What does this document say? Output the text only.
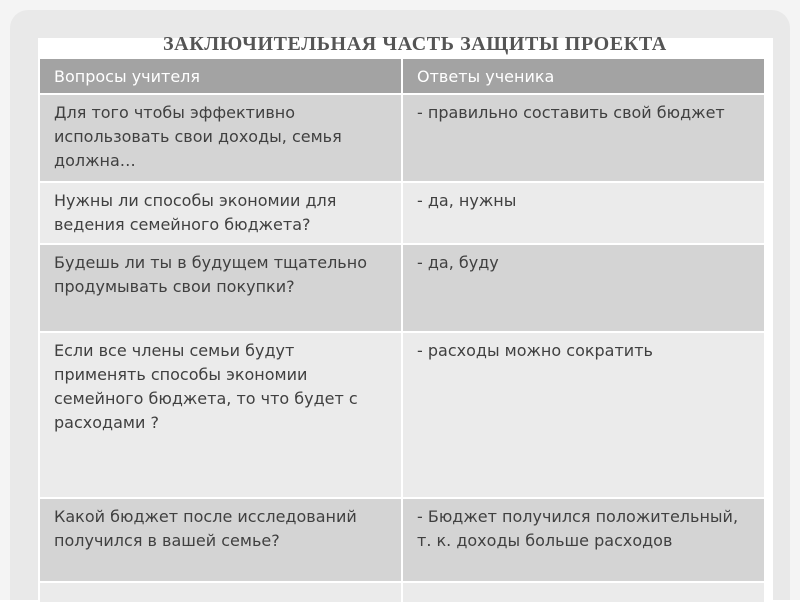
ЗАКЛЮЧИТЕЛЬНАЯ ЧАСТЬ ЗАЩИТЫ ПРОЕКТА
Вопросы учителя	Ответы ученика
Для того чтобы эффективно использовать свои доходы, семья должна…	- правильно составить свой бюджет
Нужны ли способы экономии для ведения семейного бюджета?	- да, нужны
Будешь ли ты в будущем тщательно продумывать свои покупки?	- да, буду
Если все члены семьи будут применять способы экономии семейного бюджета, то что будет с расходами ?	- расходы можно сократить
Какой бюджет после исследований получился в вашей семье?	- Бюджет получился положительный, т. к. доходы больше расходов
